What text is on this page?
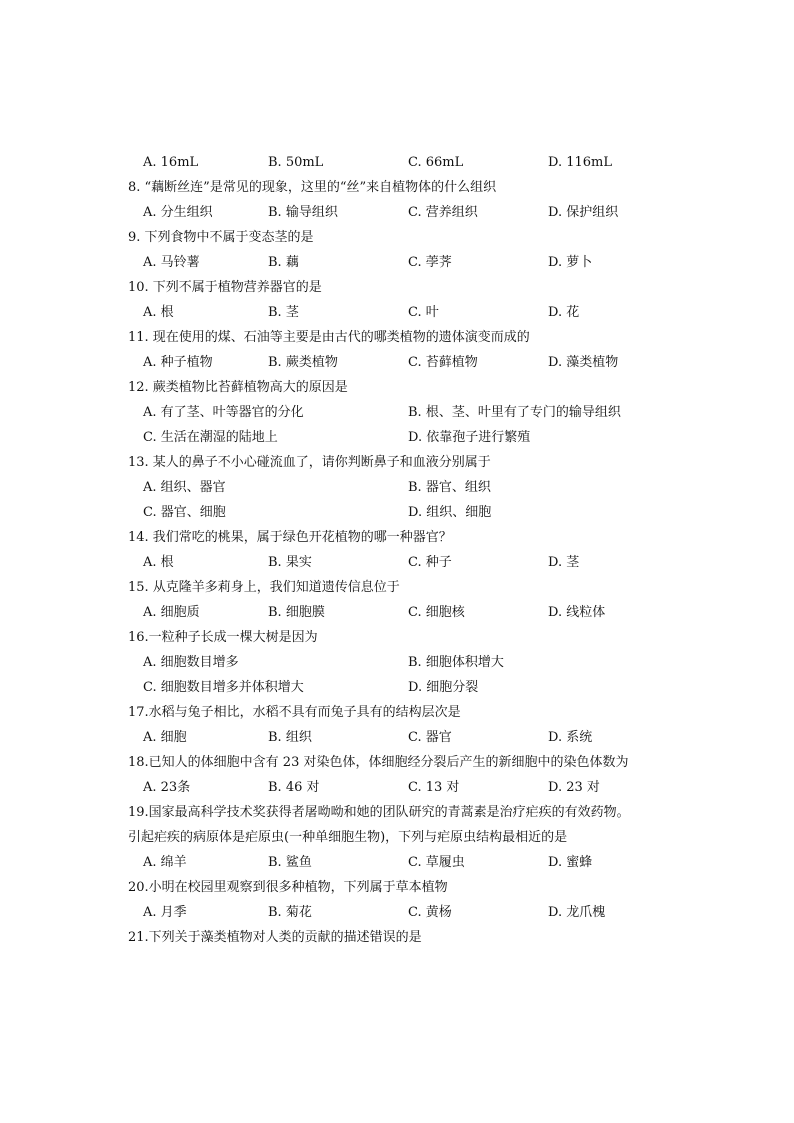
A. 16mL	B. 50mL	C. 66mL	D. 116mL
8. “藕断丝连”是常见的现象，这里的“丝”来自植物体的什么组织
A. 分生组织	B. 输导组织	C. 营养组织	D. 保护组织
9. 下列食物中不属于变态茎的是
A. 马铃薯	B. 藕	C. 荸荠	D. 萝卜
10. 下列不属于植物营养器官的是
A. 根	B. 茎	C. 叶	D. 花
11. 现在使用的煤、石油等主要是由古代的哪类植物的遗体演变而成的
A. 种子植物	B. 蕨类植物	C. 苔藓植物	D. 藻类植物
12. 蕨类植物比苔藓植物高大的原因是
A. 有了茎、叶等器官的分化	B. 根、茎、叶里有了专门的输导组织
C. 生活在潮湿的陆地上	D. 依靠孢子进行繁殖
13. 某人的鼻子不小心碰流血了，请你判断鼻子和血液分别属于
A. 组织、器官	B. 器官、组织
C. 器官、细胞	D. 组织、细胞
14. 我们常吃的桃果，属于绿色开花植物的哪一种器官？
A. 根	B. 果实	C. 种子	D. 茎
15. 从克隆羊多莉身上，我们知道遗传信息位于
A. 细胞质	B. 细胞膜	C. 细胞核	D. 线粒体
16.一粒种子长成一棵大树是因为
A. 细胞数目增多	B. 细胞体积增大
C. 细胞数目增多并体积增大	D. 细胞分裂
17.水稻与兔子相比，水稻不具有而兔子具有的结构层次是
A. 细胞	B. 组织	C. 器官	D. 系统
18.已知人的体细胞中含有 23 对染色体，体细胞经分裂后产生的新细胞中的染色体数为
A. 23条	B. 46 对	C. 13 对	D. 23 对
19.国家最高科学技术奖获得者屠呦呦和她的团队研究的青蒿素是治疗疟疾的有效药物。
引起疟疾的病原体是疟原虫(一种单细胞生物)，下列与疟原虫结构最相近的是
A. 绵羊	B. 鲨鱼	C. 草履虫	D. 蜜蜂
20.小明在校园里观察到很多种植物，下列属于草本植物
A. 月季	B. 菊花	C. 黄杨	D. 龙爪槐
21.下列关于藻类植物对人类的贡献的描述错误的是
